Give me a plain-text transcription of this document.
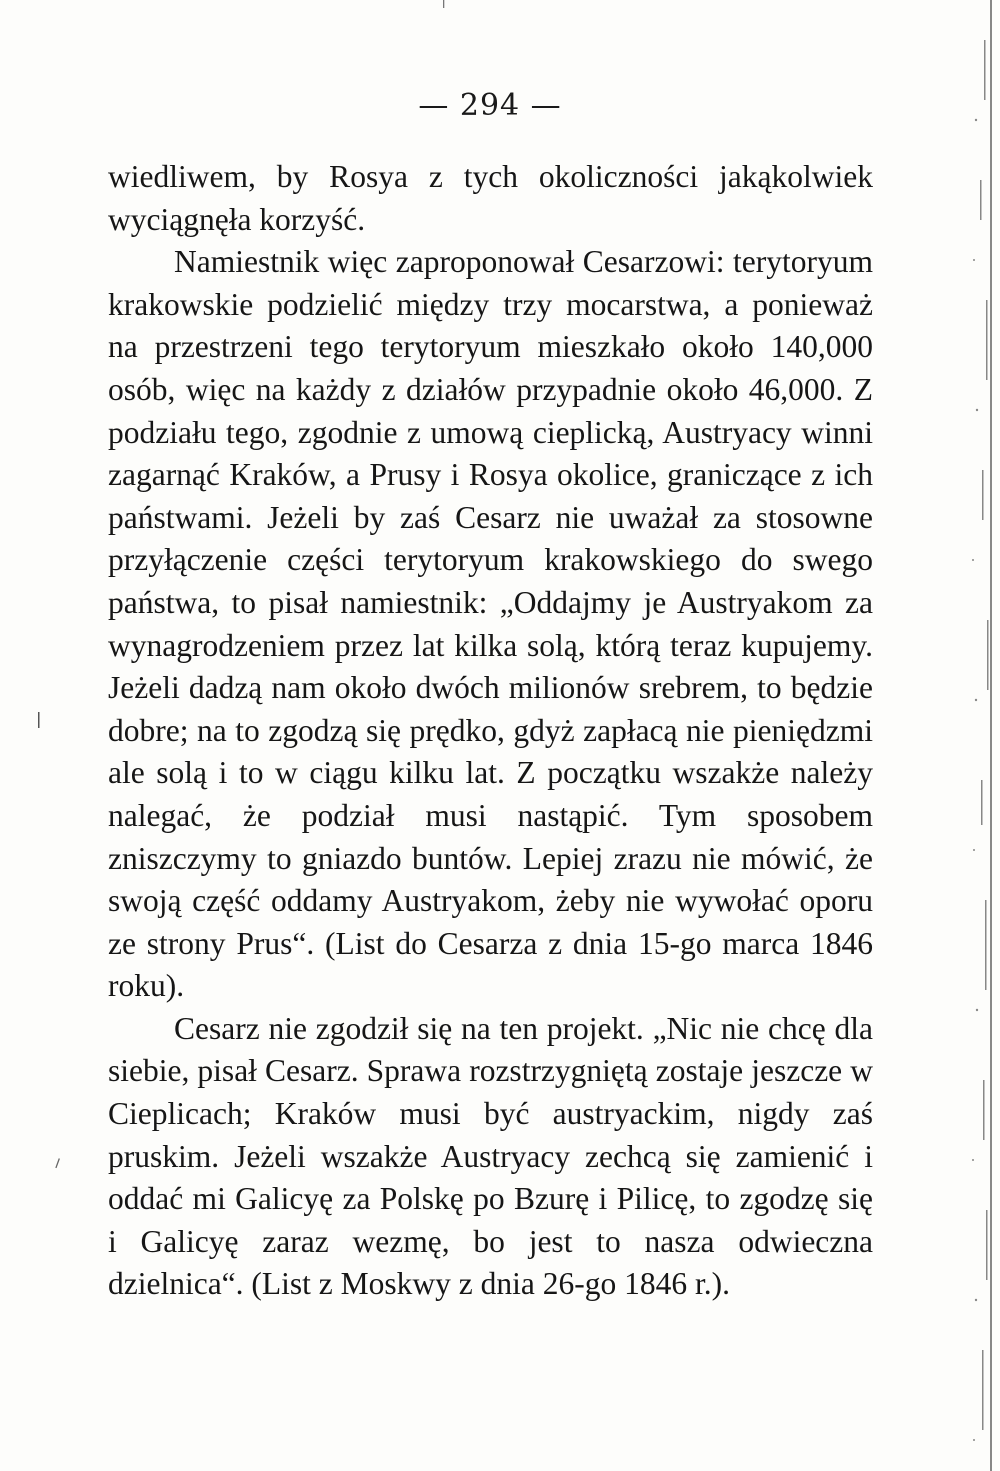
— 294 —

wiedliwem, by Rosya z tych okoliczności jakąkolwiek wyciągnęła korzyść.

Namiestnik więc zaproponował Cesarzowi: terytoryum krakowskie podzielić między trzy mocarstwa, a ponieważ na przestrzeni tego terytoryum mieszkało około 140,000 osób, więc na każdy z działów przypadnie około 46,000. Z podziału tego, zgodnie z umową cieplicką, Austryacy winni zagarnąć Kraków, a Prusy i Rosya okolice, graniczące z ich państwami. Jeżeli by zaś Cesarz nie uważał za stosowne przyłączenie części terytoryum krakowskiego do swego państwa, to pisał namiestnik: „Oddajmy je Austryakom za wynagrodzeniem przez lat kilka solą, którą teraz kupujemy. Jeżeli dadzą nam około dwóch milionów srebrem, to będzie dobre; na to zgodzą się prędko, gdyż zapłacą nie pieniędzmi ale solą i to w ciągu kilku lat. Z początku wszakże należy nalegać, że podział musi nastąpić. Tym sposobem zniszczymy to gniazdo buntów. Lepiej zrazu nie mówić, że swoją część oddamy Austryakom, żeby nie wywołać oporu ze strony Prus“. (List do Cesarza z dnia 15-go marca 1846 roku).

Cesarz nie zgodził się na ten projekt. „Nic nie chcę dla siebie, pisał Cesarz. Sprawa rozstrzygniętą zostaje jeszcze w Cieplicach; Kraków musi być austryackim, nigdy zaś pruskim. Jeżeli wszakże Austryacy zechcą się zamienić i oddać mi Galicyę za Polskę po Bzurę i Pilicę, to zgodzę się i Galicyę zaraz wezmę, bo jest to nasza odwieczna dzielnica“. (List z Moskwy z dnia 26-go 1846 r.).
